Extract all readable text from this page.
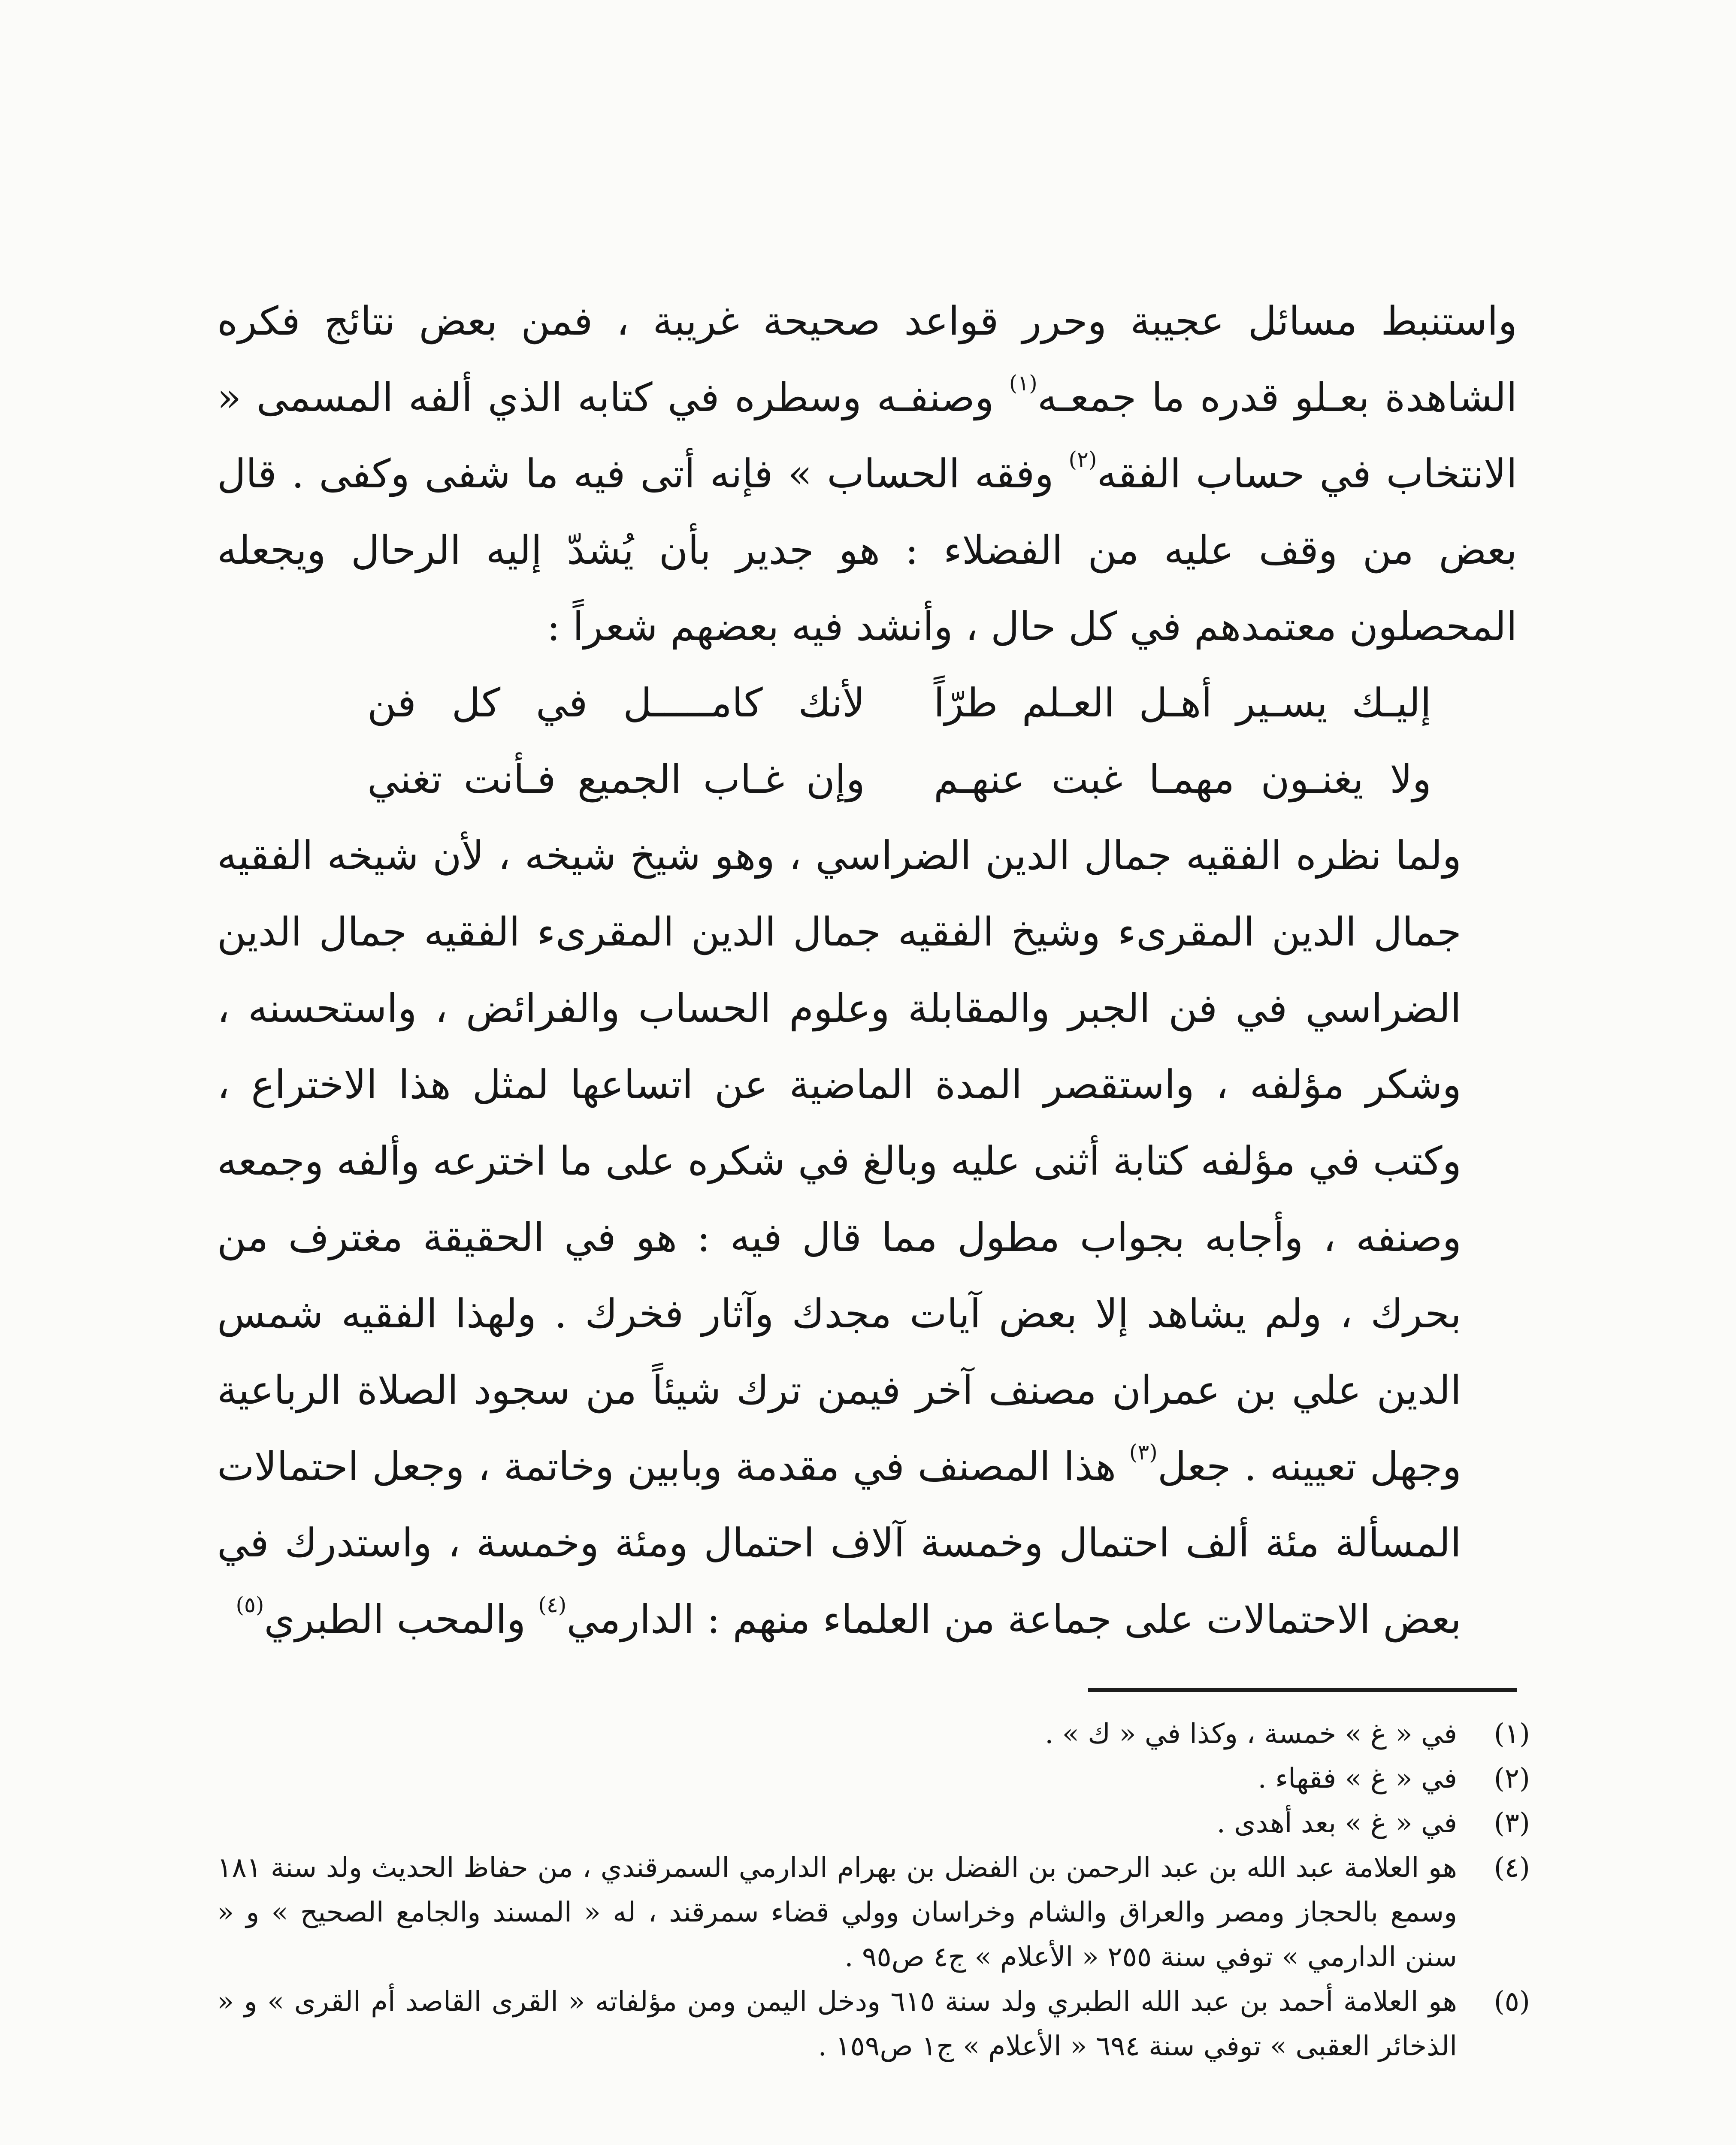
واستنبط مسائل عجيبة وحرر قواعد صحيحة غريبة ، فمن بعض نتائج فكره الشاهدة بعـلو قدره ما جمعـه$^{(١)}$ وصنفـه وسطره في كتابه الذي ألفه المسمى « الانتخاب في حساب الفقه$^{(٢)}$ وفقه الحساب » فإنه أتى فيه ما شفى وكفى . قال بعض من وقف عليه من الفضلاء : هو جدير بأن يُشدّ إليه الرحال ويجعله المحصلون معتمدهم في كل حال ، وأنشد فيه بعضهم شعراً :

إليـك يسـير أهـل العـلم طرّاً
لأنك كامـــــل في كل فن
ولا يغنـون مهمـا غبت عنهـم
وإن غـاب الجميع فـأنت تغني

ولما نظره الفقيه جمال الدين الضراسي ، وهو شيخ شيخه ، لأن شيخه الفقيه جمال الدين المقرىء وشيخ الفقيه جمال الدين المقرىء الفقيه جمال الدين الضراسي في فن الجبر والمقابلة وعلوم الحساب والفرائض ، واستحسنه ، وشكر مؤلفه ، واستقصر المدة الماضية عن اتساعها لمثل هذا الاختراع ، وكتب في مؤلفه كتابة أثنى عليه وبالغ في شكره على ما اخترعه وألفه وجمعه وصنفه ، وأجابه بجواب مطول مما قال فيه : هو في الحقيقة مغترف من بحرك ، ولم يشاهد إلا بعض آيات مجدك وآثار فخرك . ولهذا الفقيه شمس الدين علي بن عمران مصنف آخر فيمن ترك شيئاً من سجود الصلاة الرباعية وجهل تعيينه . جعل$^{(٣)}$ هذا المصنف في مقدمة وبابين وخاتمة ، وجعل احتمالات المسألة مئة ألف احتمال وخمسة آلاف احتمال ومئة وخمسة ، واستدرك في بعض الاحتمالات على جماعة من العلماء منهم : الدارمي$^{(٤)}$ والمحب الطبري$^{(٥)}$

(١)
في « غ » خمسة ، وكذا في « ك » .
(٢)
في « غ » فقهاء .
(٣)
في « غ » بعد أهدى .
(٤)
هو العلامة عبد الله بن عبد الرحمن بن الفضل بن بهرام الدارمي السمرقندي ، من حفاظ الحديث ولد سنة ١٨١ وسمع بالحجاز ومصر والعراق والشام وخراسان وولي قضاء سمرقند ، له « المسند والجامع الصحيح » و « سنن الدارمي » توفي سنة ٢٥٥ « الأعلام » ج٤ ص٩٥ .
(٥)
هو العلامة أحمد بن عبد الله الطبري ولد سنة ٦١٥ ودخل اليمن ومن مؤلفاته « القرى القاصد أم القرى » و « الذخائر العقبى » توفي سنة ٦٩٤ « الأعلام » ج١ ص١٥٩ .
